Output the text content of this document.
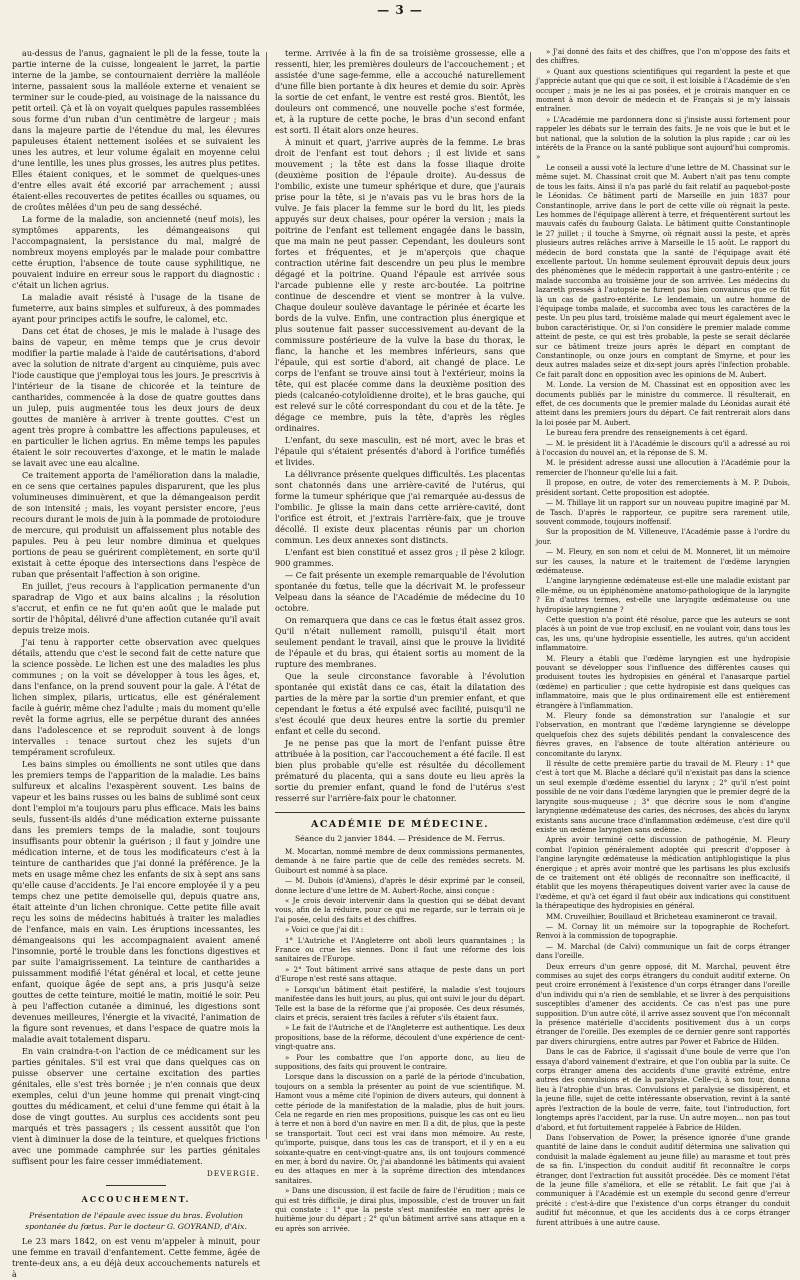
— 3 —

au-dessus de l'anus, gagnaient le pli de la fesse, toute la partie interne de la cuisse, longeaient le jarret, la partie interne de la jambe, se contournaient derrière la malléole interne, passaient sous la malléole externe et venaient se terminer sur le coude-pied, au voisinage de la naissance du petit orteil. Çà et là on voyait quelques papules rassemblées sous forme d'un ruban d'un centimètre de largeur ; mais dans la majeure partie de l'étendue du mal, les élevures papuleuses étaient nettement isolées et se suivaient les unes les autres, et leur volume égalait en moyenne celui d'une lentille, les unes plus grosses, les autres plus petites. Elles étaient coniques, et le sommet de quelques-unes d'entre elles avait été excorié par arrachement ; aussi étaient-elles recouvertes de petites écailles ou squames, ou de croûtes mêlées d'un peu de sang desséché.

La forme de la maladie, son ancienneté (neuf mois), les symptômes apparents, les démangeaisons qui l'accompagnaient, la persistance du mal, malgré de nombreux moyens employés par le malade pour combattre cette éruption, l'absence de toute cause syphilitique, ne pouvaient induire en erreur sous le rapport du diagnostic : c'était un lichen agrius.

La maladie avait résisté à l'usage de la tisane de fumeterre, aux bains simples et sulfureux, à des pommades ayant pour principes actifs le soufre, le calomel, etc.

Dans cet état de choses, je mis le malade à l'usage des bains de vapeur, en même temps que je crus devoir modifier la partie malade à l'aide de cautérisations, d'abord avec la solution de nitrate d'argent au cinquième, puis avec l'iode caustique que j'employai tous les jours. Je prescrivis à l'intérieur de la tisane de chicorée et la teinture de cantharides, commencée à la dose de quatre gouttes dans un julep, puis augmentée tous les deux jours de deux gouttes de manière à arriver à trente gouttes. C'est un agent très propre à combattre les affections papuleuses, et en particulier le lichen agrius. En même temps les papules étaient le soir recouvertes d'axonge, et le matin le malade se lavait avec une eau alcaline.

Ce traitement apporta de l'amélioration dans la maladie, en ce sens que certaines papules disparurent, que les plus volumineuses diminuèrent, et que la démangeaison perdit de son intensité ; mais, les voyant persister encore, j'eus recours durant le mois de juin à la pommade de protoiodure de mercure, qui produisit un affaissement plus notable des papules. Peu à peu leur nombre diminua et quelques portions de peau se guérirent complètement, en sorte qu'il existait à cette époque des intersections dans l'espèce de ruban que présentait l'affection à son origine.

En juillet, j'eus recours à l'application permanente d'un sparadrap de Vigo et aux bains alcalins ; la résolution s'accrut, et enfin ce ne fut qu'en août que le malade put sortir de l'hôpital, délivré d'une affection cutanée qu'il avait depuis treize mois.

J'ai tenu à rapporter cette observation avec quelques détails, attendu que c'est le second fait de cette nature que la science possède. Le lichen est une des maladies les plus communes ; on la voit se développer à tous les âges, et, dans l'enfance, on la prend souvent pour la gale. À l'état de lichen simplex, pilaris, urticatus, elle est généralement facile à guérir, même chez l'adulte ; mais du moment qu'elle revêt la forme agrius, elle se perpétue durant des années dans l'adolescence et se reproduit souvent à de longs intervalles : tenace surtout chez les sujets d'un tempérament scrofuleux.

Les bains simples ou émollients ne sont utiles que dans les premiers temps de l'apparition de la maladie. Les bains sulfureux et alcalins l'exaspèrent souvent. Les bains de vapeur et les bains russes ou les bains de sublimé sont ceux dont l'emploi m'a toujours paru plus efficace. Mais les bains seuls, fussent-ils aidés d'une médication externe puissante dans les premiers temps de la maladie, sont toujours insuffisants pour obtenir la guérison ; il faut y joindre une médication interne, et de tous les modificateurs c'est à la teinture de cantharides que j'ai donné la préférence. Je la mets en usage même chez les enfants de six à sept ans sans qu'elle cause d'accidents. Je l'ai encore employée il y a peu temps chez une petite demoiselle qui, depuis quatre ans, était atteinte d'un lichen chronique. Cette petite fille avait reçu les soins de médecins habitués à traiter les maladies de l'enfance, mais en vain. Les éruptions incessantes, les démangeaisons qui les accompagnaient avaient amené l'insomnie, porté le trouble dans les fonctions digestives et par suite l'amaigrissement. La teinture de cantharides a puissamment modifié l'état général et local, et cette jeune enfant, quoique âgée de sept ans, a pris jusqu'à seize gouttes de cette teinture, moitié le matin, moitié le soir. Peu à peu l'affection cutanée a diminué, les digestions sont devenues meilleures, l'énergie et la vivacité, l'animation de la figure sont revenues, et dans l'espace de quatre mois la maladie avait totalement disparu.

En vain craindra-t-on l'action de ce médicament sur les parties génitales. S'il est vrai que dans quelques cas on puisse observer une certaine excitation des parties génitales, elle s'est très bornée ; je n'en connais que deux exemples, celui d'un jeune homme qui prenait vingt-cinq gouttes du médicament, et celui d'une femme qui était à la dose de vingt gouttes. Au surplus ces accidents sont peu marqués et très passagers ; ils cessent aussitôt que l'on vient à diminuer la dose de la teinture, et quelques frictions avec une pommade camphrée sur les parties génitales suffisent pour les faire cesser immédiatement.

DEVERGIE.
ACCOUCHEMENT.
Présentation de l'épaule avec issue du bras. Évolution spontanée du fœtus. Par le docteur G. GOYRAND, d'Aix.

Le 23 mars 1842, on est venu m'appeler à minuit, pour une femme en travail d'enfantement. Cette femme, âgée de trente-deux ans, a eu déjà deux accouchements naturels et à

terme. Arrivée à la fin de sa troisième grossesse, elle a ressenti, hier, les premières douleurs de l'accouchement ; et assistée d'une sage-femme, elle a accouché naturellement d'une fille bien portante à dix heures et demie du soir. Après la sortie de cet enfant, le ventre est resté gros. Bientôt, les douleurs ont commencé, une nouvelle poche s'est formée, et, à la rupture de cette poche, le bras d'un second enfant est sorti. Il était alors onze heures.

À minuit et quart, j'arrive auprès de la femme. Le bras droit de l'enfant est tout dehors ; il est livide et sans mouvement ; la tête est dans la fosse iliaque droite (deuxième position de l'épaule droite). Au-dessus de l'ombilic, existe une tumeur sphérique et dure, que j'aurais prise pour la tête, si je n'avais pas vu le bras hors de la vulve. Je fais placer la femme sur le bord du lit, les pieds appuyés sur deux chaises, pour opérer la version ; mais la poitrine de l'enfant est tellement engagée dans le bassin, que ma main ne peut passer. Cependant, les douleurs sont fortes et fréquentes, et je m'aperçois que chaque contraction utérine fait descendre un peu plus le membre dégagé et la poitrine. Quand l'épaule est arrivée sous l'arcade pubienne elle y reste arc-boutée. La poitrine continue de descendre et vient se montrer à la vulve. Chaque douleur soulève davantage le périnée et écarte les bords de la vulve. Enfin, une contraction plus énergique et plus soutenue fait passer successivement au-devant de la commissure postérieure de la vulve la base du thorax, le flanc, la hanche et les membres inférieurs, sans que l'épaule, qui est sortie d'abord, ait changé de place. Le corps de l'enfant se trouve ainsi tout à l'extérieur, moins la tête, qui est placée comme dans la deuxième position des pieds (calcanéo-cotyloïdienne droite), et le bras gauche, qui est relevé sur le côté correspondant du cou et de la tête. Je dégage ce membre, puis la tête, d'après les règles ordinaires.

L'enfant, du sexe masculin, est né mort, avec le bras et l'épaule qui s'étaient présentés d'abord à l'orifice tuméfiés et livides.

La délivrance présente quelques difficultés. Les placentas sont chatonnés dans une arrière-cavité de l'utérus, qui forme la tumeur sphérique que j'ai remarquée au-dessus de l'ombilic. Je glisse la main dans cette arrière-cavité, dont l'orifice est étroit, et j'extrais l'arrière-faix, que je trouve décollé. Il existe deux placentas réunis par un chorion commun. Les deux annexes sont distincts.

L'enfant est bien constitué et assez gros ; il pèse 2 kilogr. 900 grammes.

— Ce fait présente un exemple remarquable de l'évolution spontanée du fœtus, telle que la décrivait M. le professeur Velpeau dans la séance de l'Académie de médecine du 10 octobre.

On remarquera que dans ce cas le fœtus était assez gros. Qu'il n'était nullement ramolli, puisqu'il était mort seulement pendant le travail, ainsi que le prouve la lividité de l'épaule et du bras, qui étaient sortis au moment de la rupture des membranes.

Que la seule circonstance favorable à l'évolution spontanée qui existât dans ce cas, était la dilatation des parties de la mère par la sortie d'un premier enfant, et que cependant le fœtus a été expulsé avec facilité, puisqu'il ne s'est écoulé que deux heures entre la sortie du premier enfant et celle du second.

Je ne pense pas que la mort de l'enfant puisse être attribuée à la position, car l'accouchement a été facile. Il est bien plus probable qu'elle est résultée du décollement prématuré du placenta, qui a sans doute eu lieu après la sortie du premier enfant, quand le fond de l'utérus s'est resserré sur l'arrière-faix pour le chatonner.

ACADÉMIE DE MÉDECINE.
Séance du 2 janvier 1844. — Présidence de M. Ferrus.

M. Mocartan, nommé membre de deux commissions permanentes, demande à ne faire partie que de celle des remèdes secrets. M. Guibourt est nommé à sa place.

— M. Dubois (d'Amiens), d'après le désir exprimé par le conseil, donne lecture d'une lettre de M. Aubert-Roche, ainsi conçue :

« Je crois devoir intervenir dans la question qui se débat devant vous, afin de la réduire, pour ce qui me regarde, sur le terrain où je l'ai posée, celui des faits et des chiffres.

» Voici ce que j'ai dit :

1° L'Autriche et l'Angleterre ont aboli leurs quarantaines ; la France ou crue les siennes. Donc il faut une réforme des lois sanitaires de l'Europe.

» 2° Tout bâtiment arrivé sans attaque de peste dans un port d'Europe n'est resté sans attaque.

» Lorsqu'un bâtiment était pestiféré, la maladie s'est toujours manifestée dans les huit jours, au plus, qui ont suivi le jour du départ. Telle est la base de la réforme que j'ai proposée. Ces deux résumés, clairs et précis, seraient très faciles à réfuter s'ils étaient faux.

» Le fait de l'Autriche et de l'Angleterre est authentique. Les deux propositions, base de la réforme, découlent d'une expérience de cent-vingt-quatre ans.

» Pour les combattre que l'on apporte donc, au lieu de suppositions, des faits qui prouvent le contraire.

Lorsque dans la discussion on a parlé de la période d'incubation, toujours on a sembla la présenter au point de vue scientifique. M. Hamont vous a même cité l'opinion de divers auteurs, qui donnent à cette période de la manifestation de la maladie, plus de huit jours. Cela ne regarde en rien mes propositions, puisque les cas ont eu lieu à terre et non à bord d'un navire en mer. Il a dit, de plus, que la peste se transportait. Tout ceci est vrai dans mon mémoire. Au reste, qu'importe, puisque, dans tous les cas de transport, et il y en a eu soixante-quatre en cent-vingt-quatre ans, ils ont toujours commencé en mer, à bord du navire. Or, j'ai abandonné les bâtiments qui avaient eu des attaques en mer à la suprême direction des intendances sanitaires.

» Dans une discussion, il est facile de faire de l'érudition ; mais ce qui est très difficile, je dirai plus, impossible, c'est de trouver un fait qui constate : 1° que la peste s'est manifestée en mer après le huitième jour du départ ; 2° qu'un bâtiment arrivé sans attaque en a eu après son arrivée.

» J'ai donné des faits et des chiffres, que l'on m'oppose des faits et des chiffres.

» Quant aux questions scientifiques qui regardent la peste et que j'apprécie autant que qui que ce soit, il est loisible à l'Académie de s'en occuper ; mais je ne les ai pas posées, et je croirais manquer en ce moment à mon devoir de médecin et de Français si je m'y laissais entraîner.

» L'Académie me pardonnera donc si j'insiste aussi fortement pour rappeler les débats sur le terrain des faits. Je ne vois que le but et le but national, que la solution de la solution la plus rapide ; car où les intérêts de la France ou la santé publique sont aujourd'hui compromis. »

Le conseil a aussi voté la lecture d'une lettre de M. Chassinat sur le même sujet. M. Chassinat croit que M. Aubert n'ait pas tenu compte de tous les faits. Ainsi il n'a pas parlé du fait relatif au paquebot-poste le Léonidas. Ce bâtiment parti de Marseille en juin 1837 pour Constantinople, arrive dans le port de cette ville où régnait la peste. Les hommes de l'équipage allèrent à terre, et fréquentèrent surtout les mauvais cafés du faubourg Galata. Le bâtiment quitte Constantinople le 27 juillet ; il touche à Smyrne, où régnait aussi la peste, et après plusieurs autres relâches arrive à Marseille le 15 août. Le rapport du médecin de bord constata que la santé de l'équipage avait été excellente partout. Un homme seulement éprouvait depuis deux jours des phénomènes que le médecin rapportait à une gastro-entérite ; ce malade succomba au troisième jour de son arrivée. Les médecins du lazareth pressés à l'autopsie ne furent pas bien convaincus que ce fût là un cas de gastro-entérite. Le lendemain, un autre homme de l'équipage tomba malade, et succomba avec tous les caractères de la peste. Un peu plus tard, troisième malade qui meurt également avec le bubon caractéristique. Or, si l'on considère le premier malade comme atteint de peste, ce qui est très probable, la peste se serait déclarée sur ce bâtiment treize jours après le départ en comptant de Constantinople, ou onze jours en comptant de Smyrne, et pour les deux autres malades seize et dix-sept jours après l'infection probable. Ce fait paraît donc en opposition avec les opinions de M. Aubert.

M. Londe. La version de M. Chassinat est en opposition avec les documents publiés par le ministre du commerce. Il résulterait, en effet, de ces documents que le premier malade du Léonidas aurait été atteint dans les premiers jours du départ. Ce fait rentrerait alors dans la loi posée par M. Aubert.

Le bureau fera prendre des renseignements à cet égard.

— M. le président lit à l'Académie le discours qu'il a adressé au roi à l'occasion du nouvel an, et la réponse de S. M.

M. le président adresse aussi une allocution à l'Académie pour la remercier de l'honneur qu'elle lui a fait.

Il propose, en outre, de voter des remerciements à M. P. Dubois, président sortant. Cette proposition est adoptée.

— M. Thillaye lit un rapport sur un nouveau pupitre imaginé par M. de Tasch. D'après le rapporteur, ce pupitre sera rarement utile, souvent commode, toujours inoffensif.

Sur la proposition de M. Villeneuve, l'Académie passe à l'ordre du jour.

— M. Fleury, en son nom et celui de M. Monneret, lit un mémoire sur les causes, la nature et le traitement de l'œdème laryngien œdémateuse.

L'angine laryngienne œdémateuse est-elle une maladie existant par elle-même, ou un épiphénomène anatomo-pathologique de la laryngite ? En d'autres termes, est-elle une laryngite œdémateuse ou une hydropisie laryngienne ?

Cette question n'a point été résolue, parce que les auteurs se sont placés à un point de vue trop exclusif, en ne voulant voir, dans tous les cas, les uns, qu'une hydropisie essentielle, les autres, qu'un accident inflammatoire.

M. Fleury a établi que l'œdème laryngien est une hydropisie pouvant se développer sous l'influence des différentes causes qui produisent toutes les hydropisies en général et l'anasarque partiel (œdème) en particulier ; que cette hydropisie est dans quelques cas inflammatoire, mais que le plus ordinairement elle est entièrement étrangère à l'inflammation.

M. Fleury fonde sa démonstration sur l'analogie et sur l'observation, en montrant que l'œdème laryngienne se développe quelquefois chez des sujets débilités pendant la convalescence des fièvres graves, en l'absence de toute altération antérieure ou concomitante du larynx.

Il résulte de cette première partie du travail de M. Fleury : 1° que c'est à tort que M. Blache a déclaré qu'il n'existait pas dans la science un seul exemple d'œdème essentiel du larynx ; 2° qu'il n'est point possible de ne voir dans l'œdème laryngien que le premier degré de la laryngite sous-muqueuse ; 3° que décrire sous le nom d'angine laryngienne œdémateuse des caries, des nécroses, des abcès du larynx existants sans aucune trace d'inflammation œdémeuse, c'est dire qu'il existe un œdème laryngien sans œdème.

Après avoir terminé cette discussion de pathogénie, M. Fleury combat l'opinion généralement adoptée qui prescrit d'opposer à l'angine laryngite œdémateuse la médication antiphlogistique la plus énergique ; et après avoir montré que les partisans les plus exclusifs de ce traitement ont été obligés de reconnaître son inefficacité, il établit que les moyens thérapeutiques doivent varier avec la cause de l'œdème, et qu'à cet égard il faut obéir aux indications qui constituent la thérapeutique des hydropisies en général.

MM. Cruveilhier, Bouillaud et Bricheteau examineront ce travail.

— M. Cornay lit un mémoire sur la topographie de Rochefort. Renvoi à la commission de topographie.

— M. Marchal (de Calvi) communique un fait de corps étranger dans l'oreille.

Deux erreurs d'un genre opposé, dit M. Marchal, peuvent être commises au sujet des corps étrangers du conduit auditif externe. On peut croire erronément à l'existence d'un corps étranger dans l'oreille d'un individu qui n'a rien de semblable, et se livrer à des perquisitions susceptibles d'amener des accidents. Ce cas n'est pas une pure supposition. D'un autre côté, il arrive assez souvent que l'on méconnaît la présence matérielle d'accidents positivement dus à un corps étranger de l'oreille. Des exemples de ce dernier genre sont rapportés par divers chirurgiens, entre autres par Power et Fabrice de Hilden.

Dans le cas de Fabrice, il s'agissait d'une boule de verre que l'on essaya d'abord vainement d'extraire, et que l'on oublia par la suite. Ce corps étranger amena des accidents d'une gravité extrême, entre autres des convulsions et de la paralysie. Celle-ci, à son tour, donna lieu à l'atrophie d'un bras. Convulsions et paralysie se dissipèrent, et la jeune fille, sujet de cette intéressante observation, revint à la santé après l'extraction de la boule de verre, faite, tout l'introduction, fort longtemps après l'accident, par la ruse. Un autre moyen... non pas tout d'abord, et fut fortuitement rappelée à Fabrice de Hilden.

Dans l'observation de Power, la présence ignorée d'une grande quantité de laine dans le conduit auditif détermina une salivation qui conduisit la malade également au jeune fille) au marasme et tout près de sa fin. L'inspection du conduit auditif fit reconnaître le corps étranger, dont l'extraction fut aussitôt procédée. Dès ce moment l'état de la jeune fille s'améliora, et elle se rétablit. Le fait que j'ai à communiquer à l'Académie est un exemple du second genre d'erreur précité : c'est-à-dire que l'existence d'un corps étranger du conduit auditif fut méconnue, et que les accidents dus à ce corps étranger furent attribués à une autre cause.
